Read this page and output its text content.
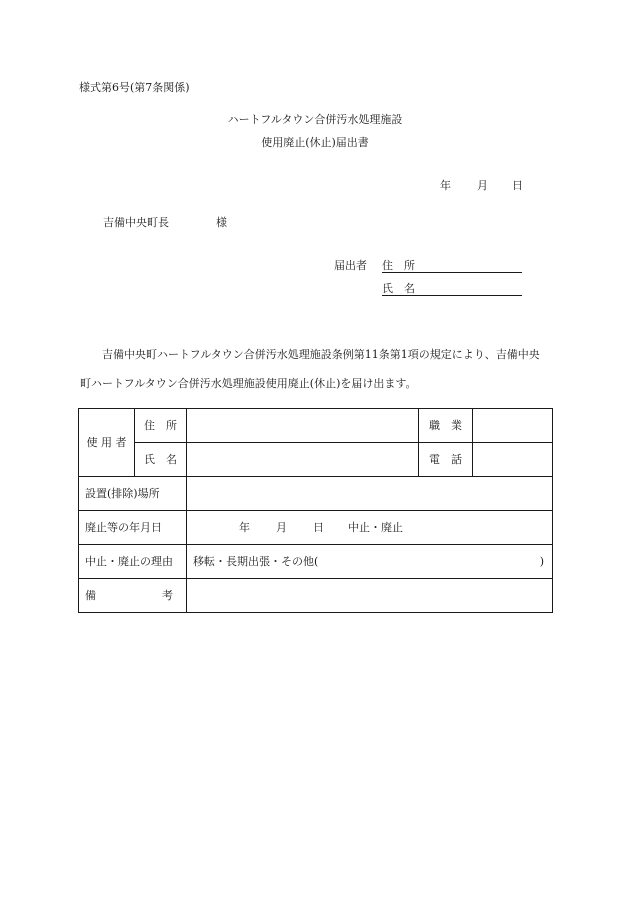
様式第6号(第7条関係)
ハートフルタウン合併汚水処理施設
使用廃止(休止)届出書
年 月 日
吉備中央町長	様
届出者 住　所
氏　名
吉備中央町ハートフルタウン合併汚水処理施設条例第11条第1項の規定により、吉備中央町ハートフルタウン合併汚水処理施設使用廃止(休止)を届け出ます。
使 用 者	住　所		職　業	
	氏　名		電　話	
設置(排除)場所				
廃止等の年月日		年 月 日 中止・廃止		
中止・廃止の理由		移転・長期出張・その他( )		

備　　　　　　考				
